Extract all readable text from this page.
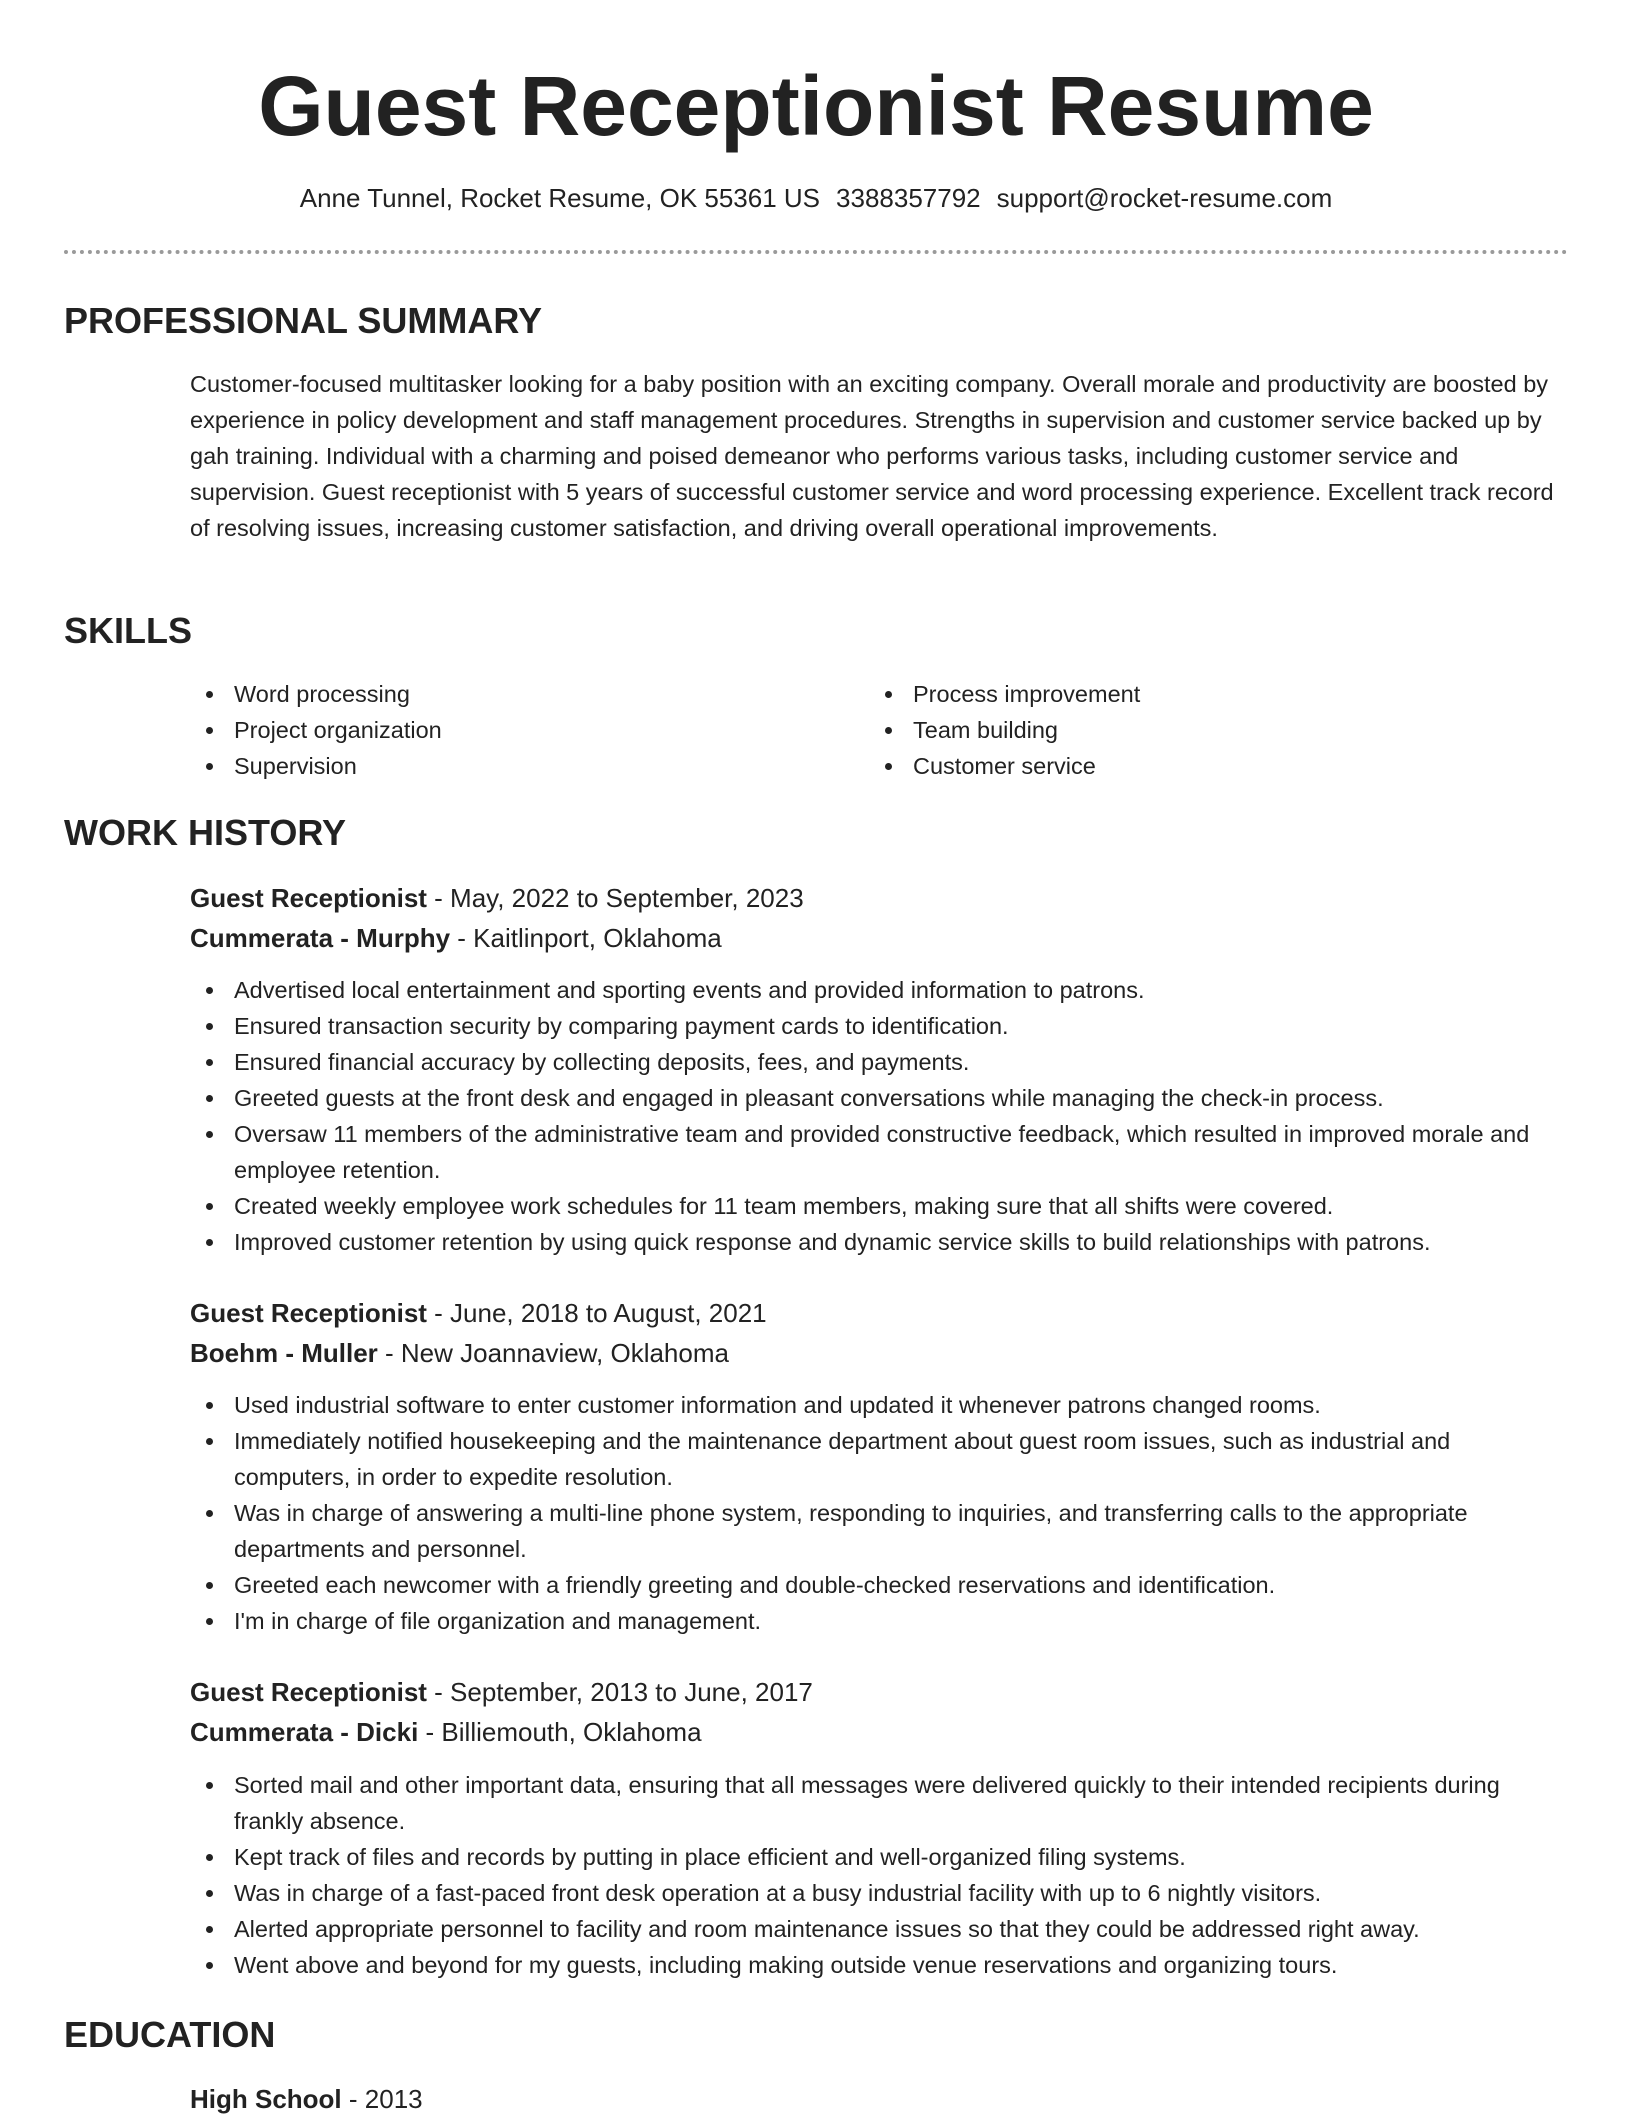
Guest Receptionist Resume
Anne Tunnel, Rocket Resume, OK 55361 US 3388357792 support@rocket-resume.com
PROFESSIONAL SUMMARY

Customer-focused multitasker looking for a baby position with an exciting company. Overall morale and productivity are boosted by experience in policy development and staff management procedures. Strengths in supervision and customer service backed up by gah training. Individual with a charming and poised demeanor who performs various tasks, including customer service and supervision. Guest receptionist with 5 years of successful customer service and word processing experience. Excellent track record of resolving issues, increasing customer satisfaction, and driving overall operational improvements.

SKILLS
Word processing
Project organization
Supervision
Process improvement
Team building
Customer service
WORK HISTORY
Guest Receptionist - May, 2022 to September, 2023
Cummerata - Murphy - Kaitlinport, Oklahoma
Advertised local entertainment and sporting events and provided information to patrons.
Ensured transaction security by comparing payment cards to identification.
Ensured financial accuracy by collecting deposits, fees, and payments.
Greeted guests at the front desk and engaged in pleasant conversations while managing the check-in process.
Oversaw 11 members of the administrative team and provided constructive feedback, which resulted in improved morale and employee retention.
Created weekly employee work schedules for 11 team members, making sure that all shifts were covered.
Improved customer retention by using quick response and dynamic service skills to build relationships with patrons.
Guest Receptionist - June, 2018 to August, 2021
Boehm - Muller - New Joannaview, Oklahoma
Used industrial software to enter customer information and updated it whenever patrons changed rooms.
Immediately notified housekeeping and the maintenance department about guest room issues, such as industrial and computers, in order to expedite resolution.
Was in charge of answering a multi-line phone system, responding to inquiries, and transferring calls to the appropriate departments and personnel.
Greeted each newcomer with a friendly greeting and double-checked reservations and identification.
I'm in charge of file organization and management.
Guest Receptionist - September, 2013 to June, 2017
Cummerata - Dicki - Billiemouth, Oklahoma
Sorted mail and other important data, ensuring that all messages were delivered quickly to their intended recipients during frankly absence.
Kept track of files and records by putting in place efficient and well-organized filing systems.
Was in charge of a fast-paced front desk operation at a busy industrial facility with up to 6 nightly visitors.
Alerted appropriate personnel to facility and room maintenance issues so that they could be addressed right away.
Went above and beyond for my guests, including making outside venue reservations and organizing tours.
EDUCATION
High School - 2013
